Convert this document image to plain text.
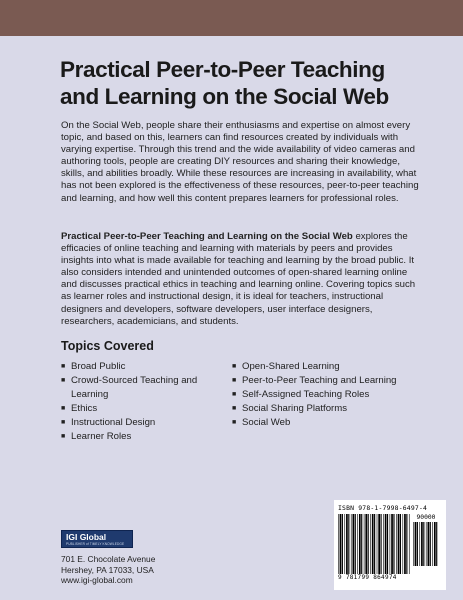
Practical Peer-to-Peer Teaching and Learning on the Social Web

On the Social Web, people share their enthusiasms and expertise on almost every topic, and based on this, learners can find resources created by individuals with varying expertise. Through this trend and the wide availability of video cameras and authoring tools, people are creating DIY resources and sharing their knowledge, skills, and abilities broadly. While these resources are increasing in availability, what has not been explored is the effectiveness of these resources, peer-to-peer teaching and learning, and how well this content prepares learners for professional roles.

Practical Peer-to-Peer Teaching and Learning on the Social Web explores the efficacies of online teaching and learning with materials by peers and provides insights into what is made available for teaching and learning by the broad public. It also considers intended and unintended outcomes of open-shared learning online and discusses practical ethics in teaching and learning online. Covering topics such as learner roles and instructional design, it is ideal for teachers, instructional designers and developers, software developers, user interface designers, researchers, academicians, and students.

Topics Covered
■ Broad Public
■ Crowd-Sourced Teaching and Learning
■ Ethics
■ Instructional Design
■ Learner Roles
■ Open-Shared Learning
■ Peer-to-Peer Teaching and Learning
■ Self-Assigned Teaching Roles
■ Social Sharing Platforms
■ Social Web
IGI Global
PUBLISHER of TIMELY KNOWLEDGE
701 E. Chocolate Avenue
Hershey, PA 17033, USA
www.igi-global.com
ISBN 978-1-7998-6497-4
90000
9 781799 864974
